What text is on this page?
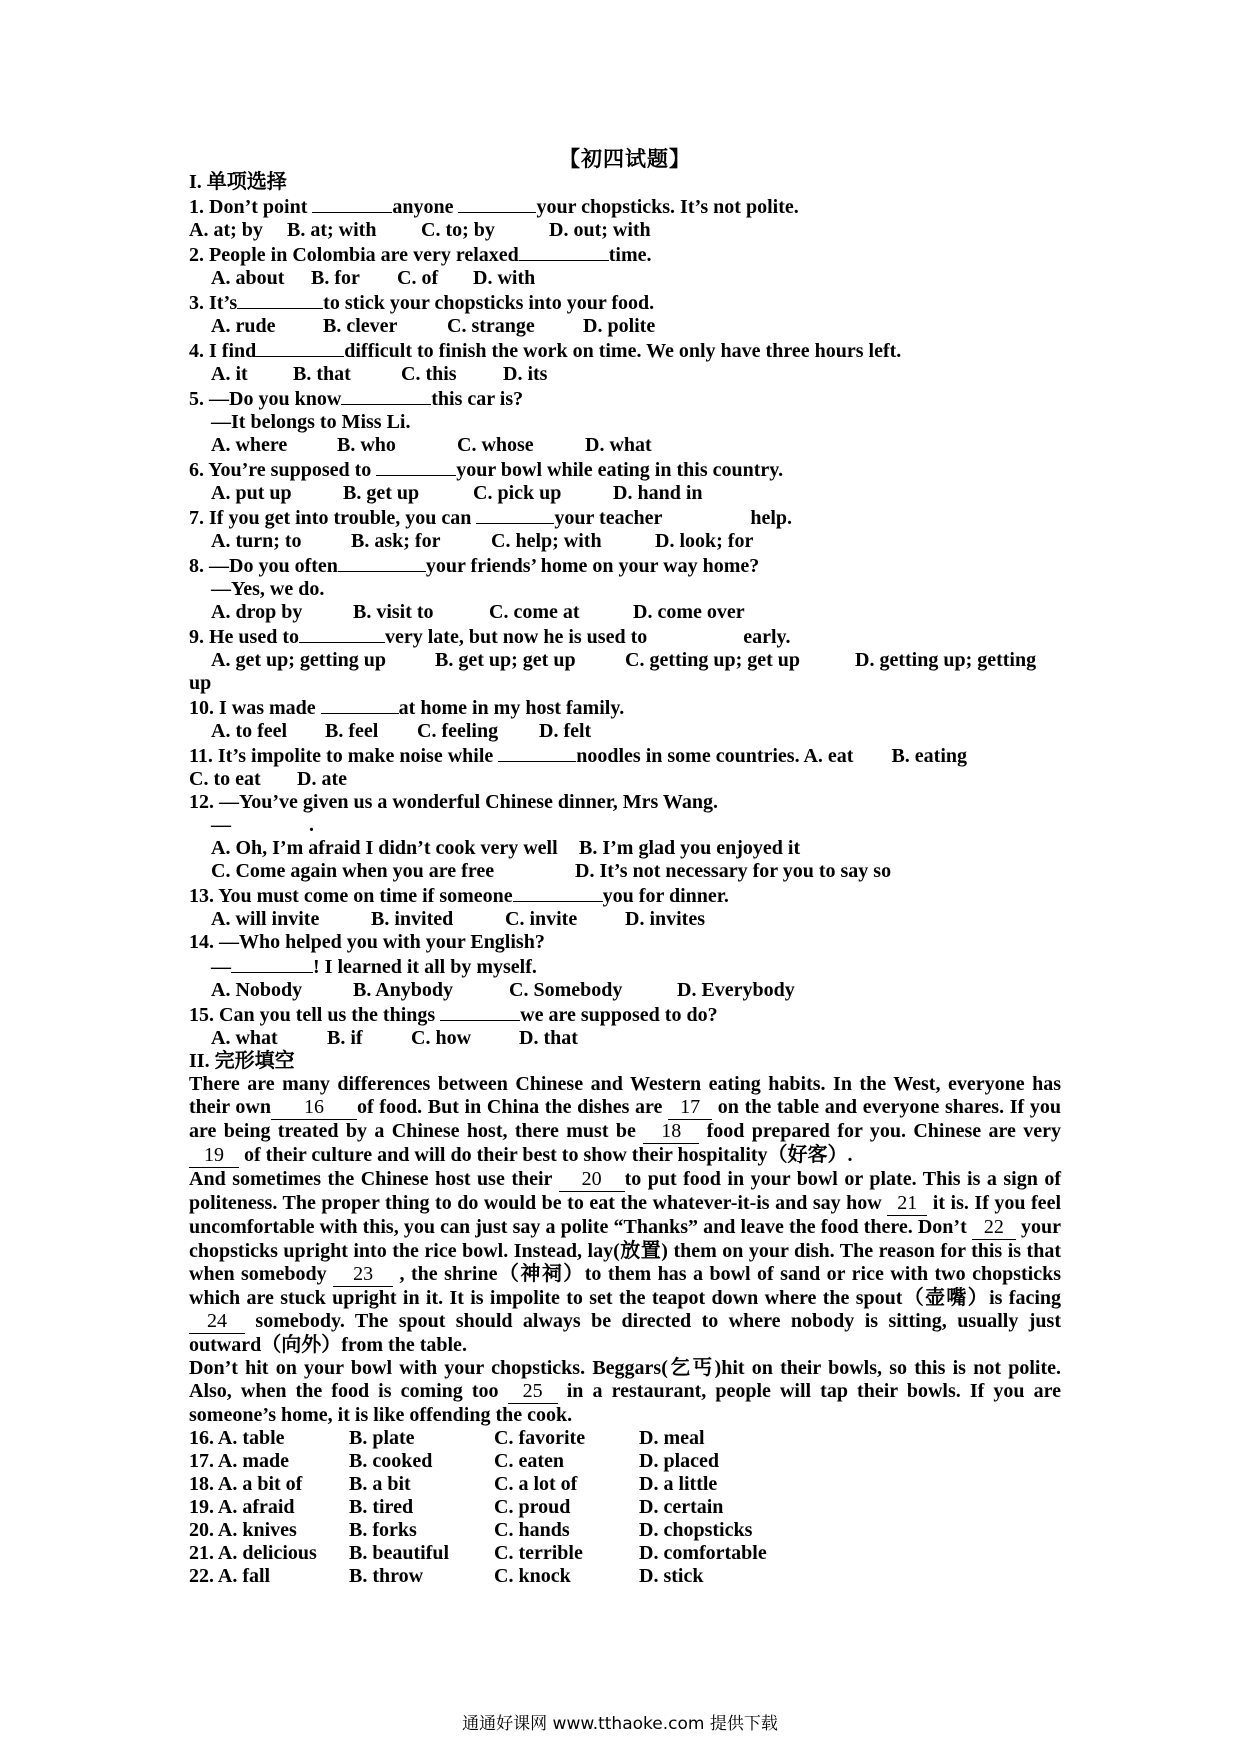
【初四试题】
I. 单项选择
1. Don’t point	anyone	your chopsticks. It’s not polite.
A. at; by B. at; with C. to; by	D. out; with
2. People in Colombia are very relaxed	time.
A. about B. for C. of D. with
3. It’s	to stick your chopsticks into your food.
A. rude B. clever C. strange D. polite
4. I find	difficult to finish the work on time. We only have three hours left.
A. it B. that	C. this D. its
5. —Do you know	this car is?
—It belongs to Miss Li.
A. where B. who	C. whose	D. what
6. You’re supposed to	your bowl while eating in this country.
A. put up	B. get up	C. pick up	D. hand in
7. If you get into trouble, you can	your teacher	help.
A. turn; to B. ask; for	C. help; with	D. look; for
8. —Do you often	your friends’ home on your way home?
—Yes, we do.
A. drop by	B. visit to	C. come at	D. come over
9. He used to	very late, but now he is used to	early.
A. get up; getting up B. get up; get up C. getting up; get up	D. getting up; getting
up
10. I was made	at home in my host family.
A. to feel B. feel C. feeling D. felt
11. It’s impolite to make noise while	noodles in some countries. A. eat B. eating
C. to eat D. ate
12. —You’ve given us a wonderful Chinese dinner, Mrs Wang.
—	.
A. Oh, I’m afraid I didn’t cook very well B. I’m glad you enjoyed it
C. Come again when you are free	D. It’s not necessary for you to say so
13. You must come on time if someone	you for dinner.
A. will invite	B. invited	C. invite D. invites
14. —Who helped you with your English?
—	! I learned it all by myself.
A. Nobody	B. Anybody	C. Somebody	D. Everybody
15. Can you tell us the things	we are supposed to do?
A. what B. if C. how D. that
II. 完形填空
There are many differences between Chinese and Western eating habits. In the West, everyone has their own 16 of food. But in China the dishes are 17 on the table and everyone shares. If you are being treated by a Chinese host, there must be 18 food prepared for you. Chinese are very19 of their culture and will do their best to show their hospitality（好客）.
And sometimes the Chinese host use their 20 to put food in your bowl or plate. This is a sign of politeness. The proper thing to do would be to eat the whatever-it-is and say how 21 it is. If you feel uncomfortable with this, you can just say a polite “Thanks” and leave the food there. Don’t 22 your chopsticks upright into the rice bowl. Instead, lay(放置) them on your dish. The reason for this is that when somebody 23 , the shrine（神祠）to them has a bowl of sand or rice with two chopsticks which are stuck upright in it. It is impolite to set the teapot down where the spout（壶嘴）is facing 24 somebody. The spout should always be directed to where nobody is sitting, usually just outward（向外）from the table.
Don’t hit on your bowl with your chopsticks. Beggars(乞丐)hit on their bowls, so this is not polite. Also, when the food is coming too 25 in a restaurant, people will tap their bowls. If you are someone’s home, it is like offending the cook.
16. A. table	B. plate	C. favorite	D. meal
17. A. made	B. cooked	C. eaten	D. placed
18. A. a bit of	B. a bit	C. a lot of	D. a little
19. A. afraid	B. tired	C. proud	D. certain
20. A. knives	B. forks	C. hands	D. chopsticks
21. A. delicious	B. beautiful	C. terrible	D. comfortable
22. A. fall	B. throw	C. knock	D. stick
通通好课网 www.tthaoke.com 提供下载
